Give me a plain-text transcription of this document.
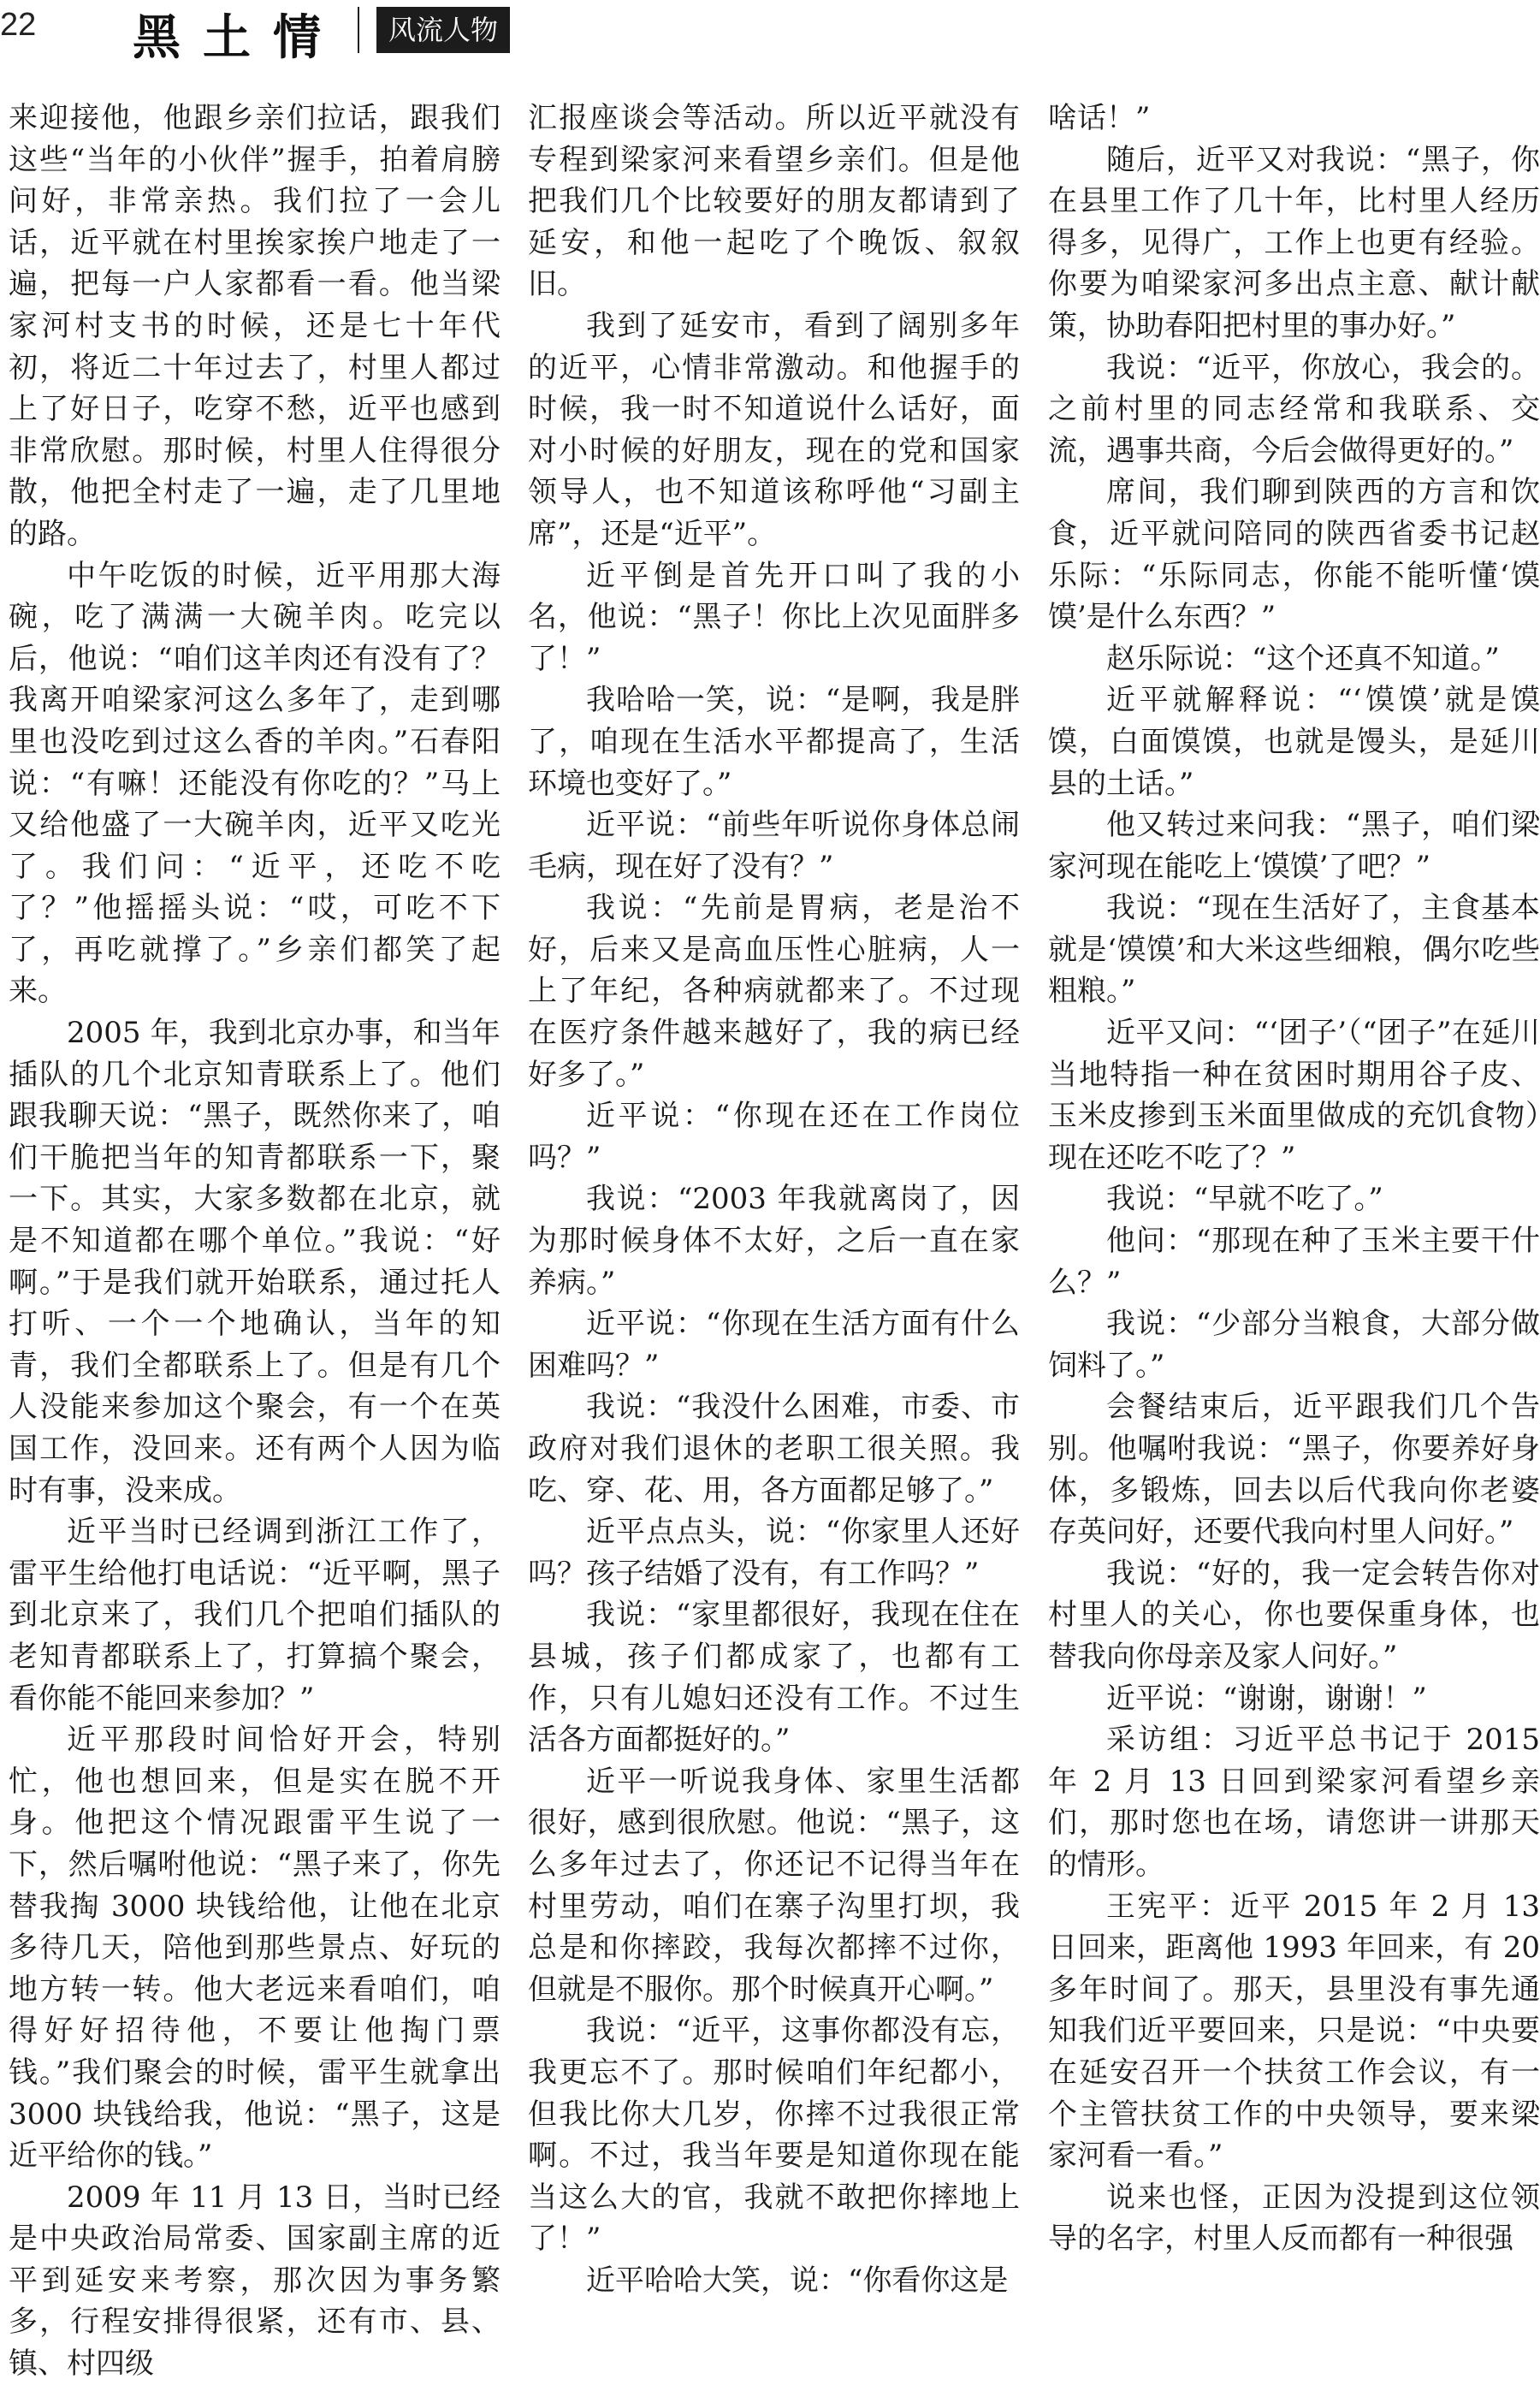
22 黑土情	风流人物

来迎接他，他跟乡亲们拉话，跟我们这些“当年的小伙伴”握手，拍着肩膀问好，非常亲热。我们拉了一会儿话，近平就在村里挨家挨户地走了一遍，把每一户人家都看一看。他当梁家河村支书的时候，还是七十年代初，将近二十年过去了，村里人都过上了好日子，吃穿不愁，近平也感到非常欣慰。那时候，村里人住得很分散，他把全村走了一遍，走了几里地的路。

中午吃饭的时候，近平用那大海碗，吃了满满一大碗羊肉。吃完以后，他说：“咱们这羊肉还有没有了？我离开咱梁家河这么多年了，走到哪里也没吃到过这么香的羊肉。”石春阳说：“有嘛！还能没有你吃的？”马上又给他盛了一大碗羊肉，近平又吃光了。我们问：“近平，还吃不吃了？”他摇摇头说：“哎，可吃不下了，再吃就撑了。”乡亲们都笑了起来。

2005 年，我到北京办事，和当年插队的几个北京知青联系上了。他们跟我聊天说：“黑子，既然你来了，咱们干脆把当年的知青都联系一下，聚一下。其实，大家多数都在北京，就是不知道都在哪个单位。”我说：“好啊。”于是我们就开始联系，通过托人打听、一个一个地确认，当年的知青，我们全都联系上了。但是有几个人没能来参加这个聚会，有一个在英国工作，没回来。还有两个人因为临时有事，没来成。

近平当时已经调到浙江工作了，雷平生给他打电话说：“近平啊，黑子到北京来了，我们几个把咱们插队的老知青都联系上了，打算搞个聚会，看你能不能回来参加？”

近平那段时间恰好开会，特别忙，他也想回来，但是实在脱不开身。他把这个情况跟雷平生说了一下，然后嘱咐他说：“黑子来了，你先替我掏 3000 块钱给他，让他在北京多待几天，陪他到那些景点、好玩的地方转一转。他大老远来看咱们，咱得好好招待他，不要让他掏门票钱。”我们聚会的时候，雷平生就拿出 3000 块钱给我，他说：“黑子，这是近平给你的钱。”

2009 年 11 月 13 日，当时已经是中央政治局常委、国家副主席的近平到延安来考察，那次因为事务繁多，行程安排得很紧，还有市、县、镇、村四级

汇报座谈会等活动。所以近平就没有专程到梁家河来看望乡亲们。但是他把我们几个比较要好的朋友都请到了延安，和他一起吃了个晚饭、叙叙旧。

我到了延安市，看到了阔别多年的近平，心情非常激动。和他握手的时候，我一时不知道说什么话好，面对小时候的好朋友，现在的党和国家领导人，也不知道该称呼他“习副主席”，还是“近平”。

近平倒是首先开口叫了我的小名，他说：“黑子！你比上次见面胖多了！”

我哈哈一笑，说：“是啊，我是胖了，咱现在生活水平都提高了，生活环境也变好了。”

近平说：“前些年听说你身体总闹毛病，现在好了没有？”

我说：“先前是胃病，老是治不好，后来又是高血压性心脏病，人一上了年纪，各种病就都来了。不过现在医疗条件越来越好了，我的病已经好多了。”

近平说：“你现在还在工作岗位吗？”

我说：“2003 年我就离岗了，因为那时候身体不太好，之后一直在家养病。”

近平说：“你现在生活方面有什么困难吗？”

我说：“我没什么困难，市委、市政府对我们退休的老职工很关照。我吃、穿、花、用，各方面都足够了。”

近平点点头，说：“你家里人还好吗？孩子结婚了没有，有工作吗？”

我说：“家里都很好，我现在住在县城，孩子们都成家了，也都有工作，只有儿媳妇还没有工作。不过生活各方面都挺好的。”

近平一听说我身体、家里生活都很好，感到很欣慰。他说：“黑子，这么多年过去了，你还记不记得当年在村里劳动，咱们在寨子沟里打坝，我总是和你摔跤，我每次都摔不过你，但就是不服你。那个时候真开心啊。”

我说：“近平，这事你都没有忘，我更忘不了。那时候咱们年纪都小，但我比你大几岁，你摔不过我很正常啊。不过，我当年要是知道你现在能当这么大的官，我就不敢把你摔地上了！”

近平哈哈大笑，说：“你看你这是

啥话！”

随后，近平又对我说：“黑子，你在县里工作了几十年，比村里人经历得多，见得广，工作上也更有经验。你要为咱梁家河多出点主意、献计献策，协助春阳把村里的事办好。”

我说：“近平，你放心，我会的。之前村里的同志经常和我联系、交流，遇事共商，今后会做得更好的。”

席间，我们聊到陕西的方言和饮食，近平就问陪同的陕西省委书记赵乐际：“乐际同志，你能不能听懂‘馍馍’是什么东西？”

赵乐际说：“这个还真不知道。”

近平就解释说：“‘馍馍’就是馍馍，白面馍馍，也就是馒头，是延川县的土话。”

他又转过来问我：“黑子，咱们梁家河现在能吃上‘馍馍’了吧？”

我说：“现在生活好了，主食基本就是‘馍馍’和大米这些细粮，偶尔吃些粗粮。”

近平又问：“‘团子’（“团子”在延川当地特指一种在贫困时期用谷子皮、玉米皮掺到玉米面里做成的充饥食物）现在还吃不吃了？”

我说：“早就不吃了。”

他问：“那现在种了玉米主要干什么？”

我说：“少部分当粮食，大部分做饲料了。”

会餐结束后，近平跟我们几个告别。他嘱咐我说：“黑子，你要养好身体，多锻炼，回去以后代我向你老婆存英问好，还要代我向村里人问好。”

我说：“好的，我一定会转告你对村里人的关心，你也要保重身体，也替我向你母亲及家人问好。”

近平说：“谢谢，谢谢！”

采访组：习近平总书记于 2015 年 2 月 13 日回到梁家河看望乡亲们，那时您也在场，请您讲一讲那天的情形。

王宪平：近平 2015 年 2 月 13 日回来，距离他 1993 年回来，有 20 多年时间了。那天，县里没有事先通知我们近平要回来，只是说：“中央要在延安召开一个扶贫工作会议，有一个主管扶贫工作的中央领导，要来梁家河看一看。”

说来也怪，正因为没提到这位领导的名字，村里人反而都有一种很强
